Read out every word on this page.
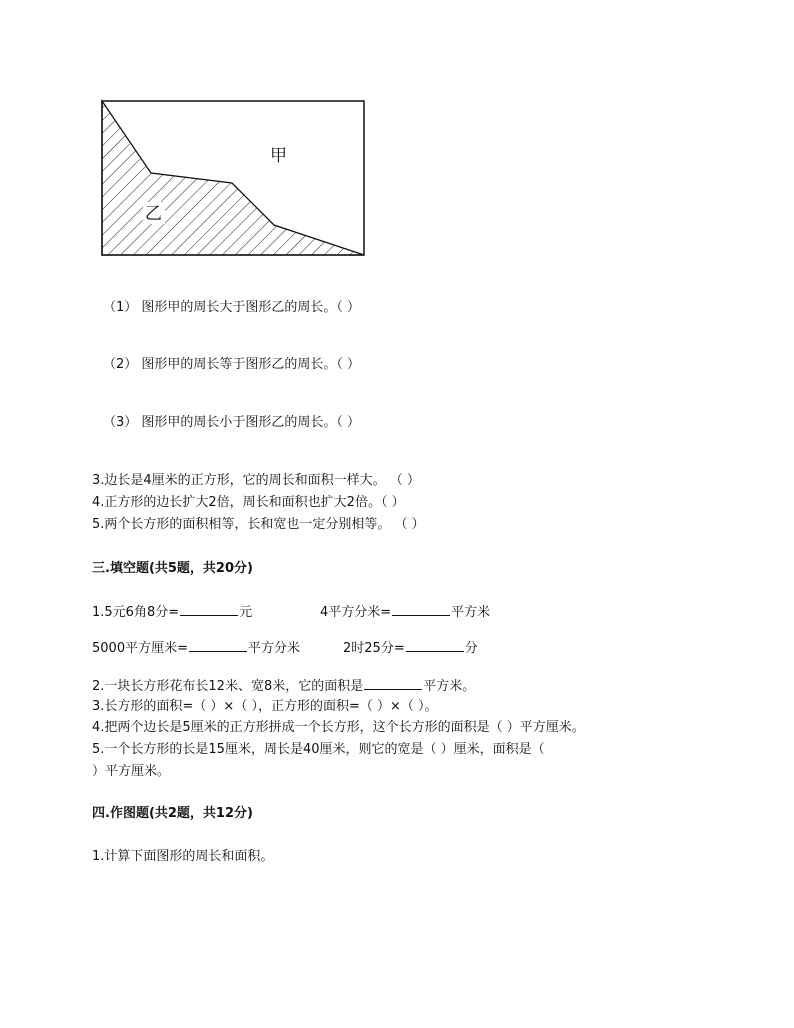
甲
乙
（1） 图形甲的周长大于图形乙的周长。（ ）
（2） 图形甲的周长等于图形乙的周长。（ ）
（3） 图形甲的周长小于图形乙的周长。（ ）
3.边长是4厘米的正方形，它的周长和面积一样大。 （ ）
4.正方形的边长扩大2倍，周长和面积也扩大2倍。（ ）
5.两个长方形的面积相等，长和宽也一定分别相等。 （ ）
三.填空题(共5题，共20分)
1.5元6角8分=	元	4平方分米=	平方米
5000平方厘米=	平方分米	2时25分=	分
2.一块长方形花布长12米、宽8米，它的面积是	平方米。
3.长方形的面积=（ ）×（ ），正方形的面积=（ ）×（ ）。
4.把两个边长是5厘米的正方形拼成一个长方形，这个长方形的面积是（ ）平方厘米。
5.一个长方形的长是15厘米，周长是40厘米，则它的宽是（ ）厘米，面积是（
）平方厘米。
四.作图题(共2题，共12分)
1.计算下面图形的周长和面积。
